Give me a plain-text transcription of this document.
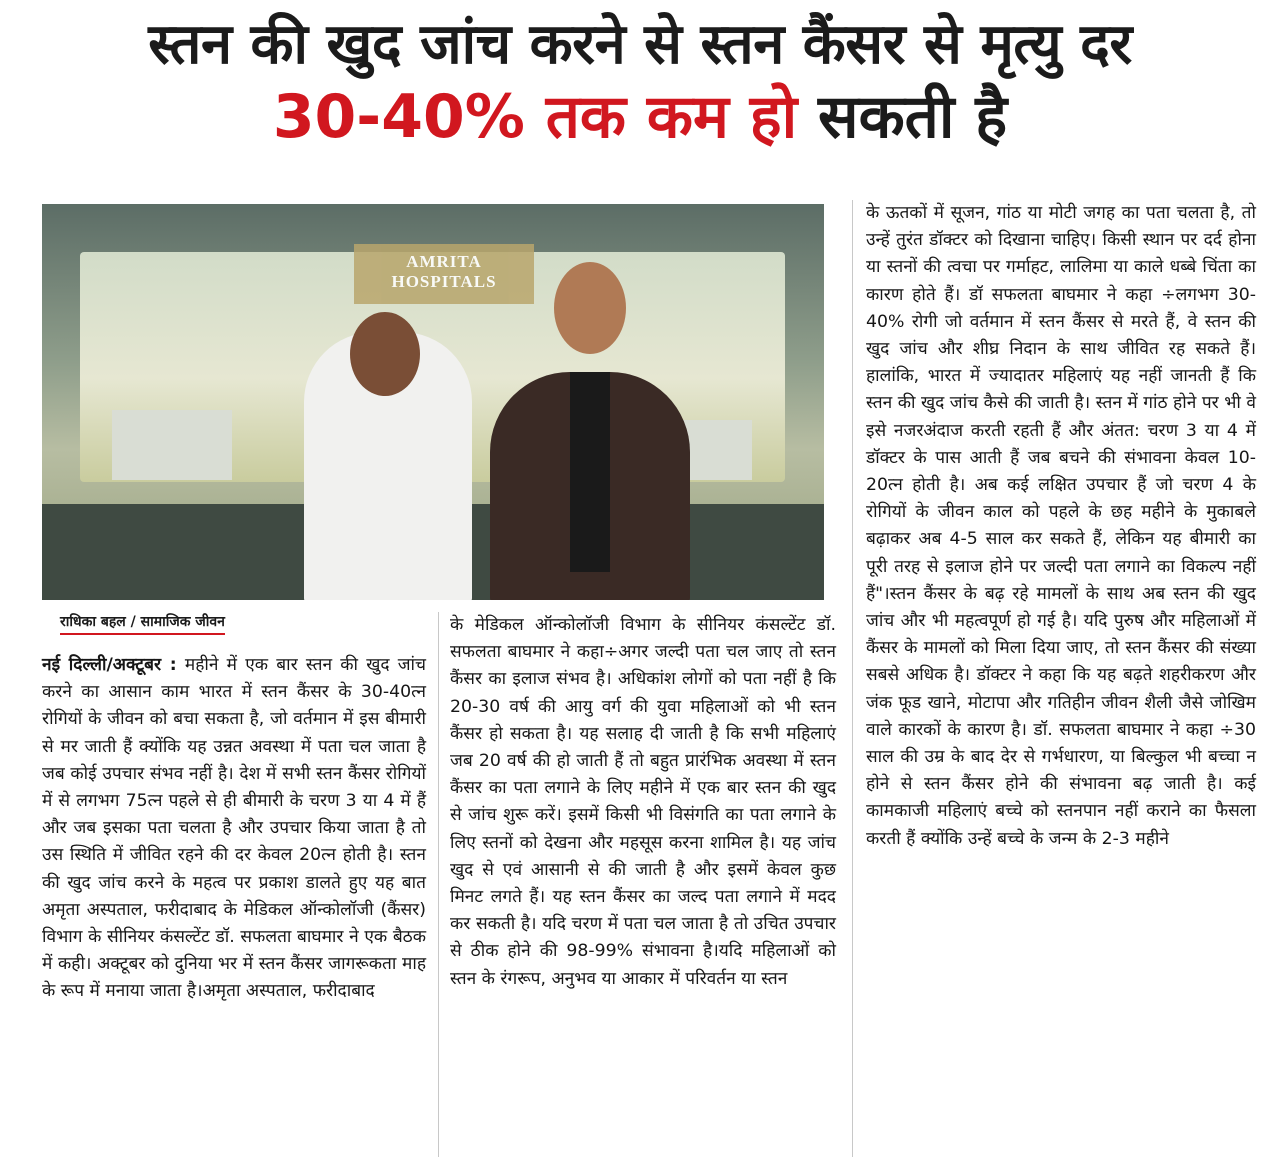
स्तन की खुद जांच करने से स्तन कैंसर से मृत्यु दर
30-40% तक कम हो सकती है
AMRITA HOSPITALS

राधिका बहल / सामाजिक जीवन

नई दिल्ली/अक्टूबर : महीने में एक बार स्तन की खुद जांच करने का आसान काम भारत में स्तन कैंसर के 30-40त्न रोगियों के जीवन को बचा सकता है, जो वर्तमान में इस बीमारी से मर जाती हैं क्योंकि यह उन्नत अवस्था में पता चल जाता है जब कोई उपचार संभव नहीं है। देश में सभी स्तन कैंसर रोगियों में से लगभग 75त्न पहले से ही बीमारी के चरण 3 या 4 में हैं और जब इसका पता चलता है और उपचार किया जाता है तो उस स्थिति में जीवित रहने की दर केवल 20त्न होती है। स्तन की खुद जांच करने के महत्व पर प्रकाश डालते हुए यह बात अमृता अस्पताल, फरीदाबाद के मेडिकल ऑन्कोलॉजी (कैंसर) विभाग के सीनियर कंसल्टेंट डॉ. सफलता बाघमार ने एक बैठक में कही। अक्टूबर को दुनिया भर में स्तन कैंसर जागरूकता माह के रूप में मनाया जाता है।अमृता अस्पताल, फरीदाबाद

के मेडिकल ऑन्कोलॉजी विभाग के सीनियर कंसल्टेंट डॉ. सफलता बाघमार ने कहा÷अगर जल्दी पता चल जाए तो स्तन कैंसर का इलाज संभव है। अधिकांश लोगों को पता नहीं है कि 20-30 वर्ष की आयु वर्ग की युवा महिलाओं को भी स्तन कैंसर हो सकता है। यह सलाह दी जाती है कि सभी महिलाएं जब 20 वर्ष की हो जाती हैं तो बहुत प्रारंभिक अवस्था में स्तन कैंसर का पता लगाने के लिए महीने में एक बार स्तन की खुद से जांच शुरू करें। इसमें किसी भी विसंगति का पता लगाने के लिए स्तनों को देखना और महसूस करना शामिल है। यह जांच खुद से एवं आसानी से की जाती है और इसमें केवल कुछ मिनट लगते हैं। यह स्तन कैंसर का जल्द पता लगाने में मदद कर सकती है। यदि चरण में पता चल जाता है तो उचित उपचार से ठीक होने की 98-99% संभावना है।यदि महिलाओं को स्तन के रंगरूप, अनुभव या आकार में परिवर्तन या स्तन

के ऊतकों में सूजन, गांठ या मोटी जगह का पता चलता है, तो उन्हें तुरंत डॉक्टर को दिखाना चाहिए। किसी स्थान पर दर्द होना या स्तनों की त्वचा पर गर्माहट, लालिमा या काले धब्बे चिंता का कारण होते हैं। डॉ सफलता बाघमार ने कहा ÷लगभग 30-40% रोगी जो वर्तमान में स्तन कैंसर से मरते हैं, वे स्तन की खुद जांच और शीघ्र निदान के साथ जीवित रह सकते हैं। हालांकि, भारत में ज्यादातर महिलाएं यह नहीं जानती हैं कि स्तन की खुद जांच कैसे की जाती है। स्तन में गांठ होने पर भी वे इसे नजरअंदाज करती रहती हैं और अंतत: चरण 3 या 4 में डॉक्टर के पास आती हैं जब बचने की संभावना केवल 10-20त्न होती है। अब कई लक्षित उपचार हैं जो चरण 4 के रोगियों के जीवन काल को पहले के छह महीने के मुकाबले बढ़ाकर अब 4-5 साल कर सकते हैं, लेकिन यह बीमारी का पूरी तरह से इलाज होने पर जल्दी पता लगाने का विकल्प नहीं हैं"।स्तन कैंसर के बढ़ रहे मामलों के साथ अब स्तन की खुद जांच और भी महत्वपूर्ण हो गई है। यदि पुरुष और महिलाओं में कैंसर के मामलों को मिला दिया जाए, तो स्तन कैंसर की संख्या सबसे अधिक है। डॉक्टर ने कहा कि यह बढ़ते शहरीकरण और जंक फूड खाने, मोटापा और गतिहीन जीवन शैली जैसे जोखिम वाले कारकों के कारण है। डॉ. सफलता बाघमार ने कहा ÷30 साल की उम्र के बाद देर से गर्भधारण, या बिल्कुल भी बच्चा न होने से स्तन कैंसर होने की संभावना बढ़ जाती है। कई कामकाजी महिलाएं बच्चे को स्तनपान नहीं कराने का फैसला करती हैं क्योंकि उन्हें बच्चे के जन्म के 2-3 महीने
